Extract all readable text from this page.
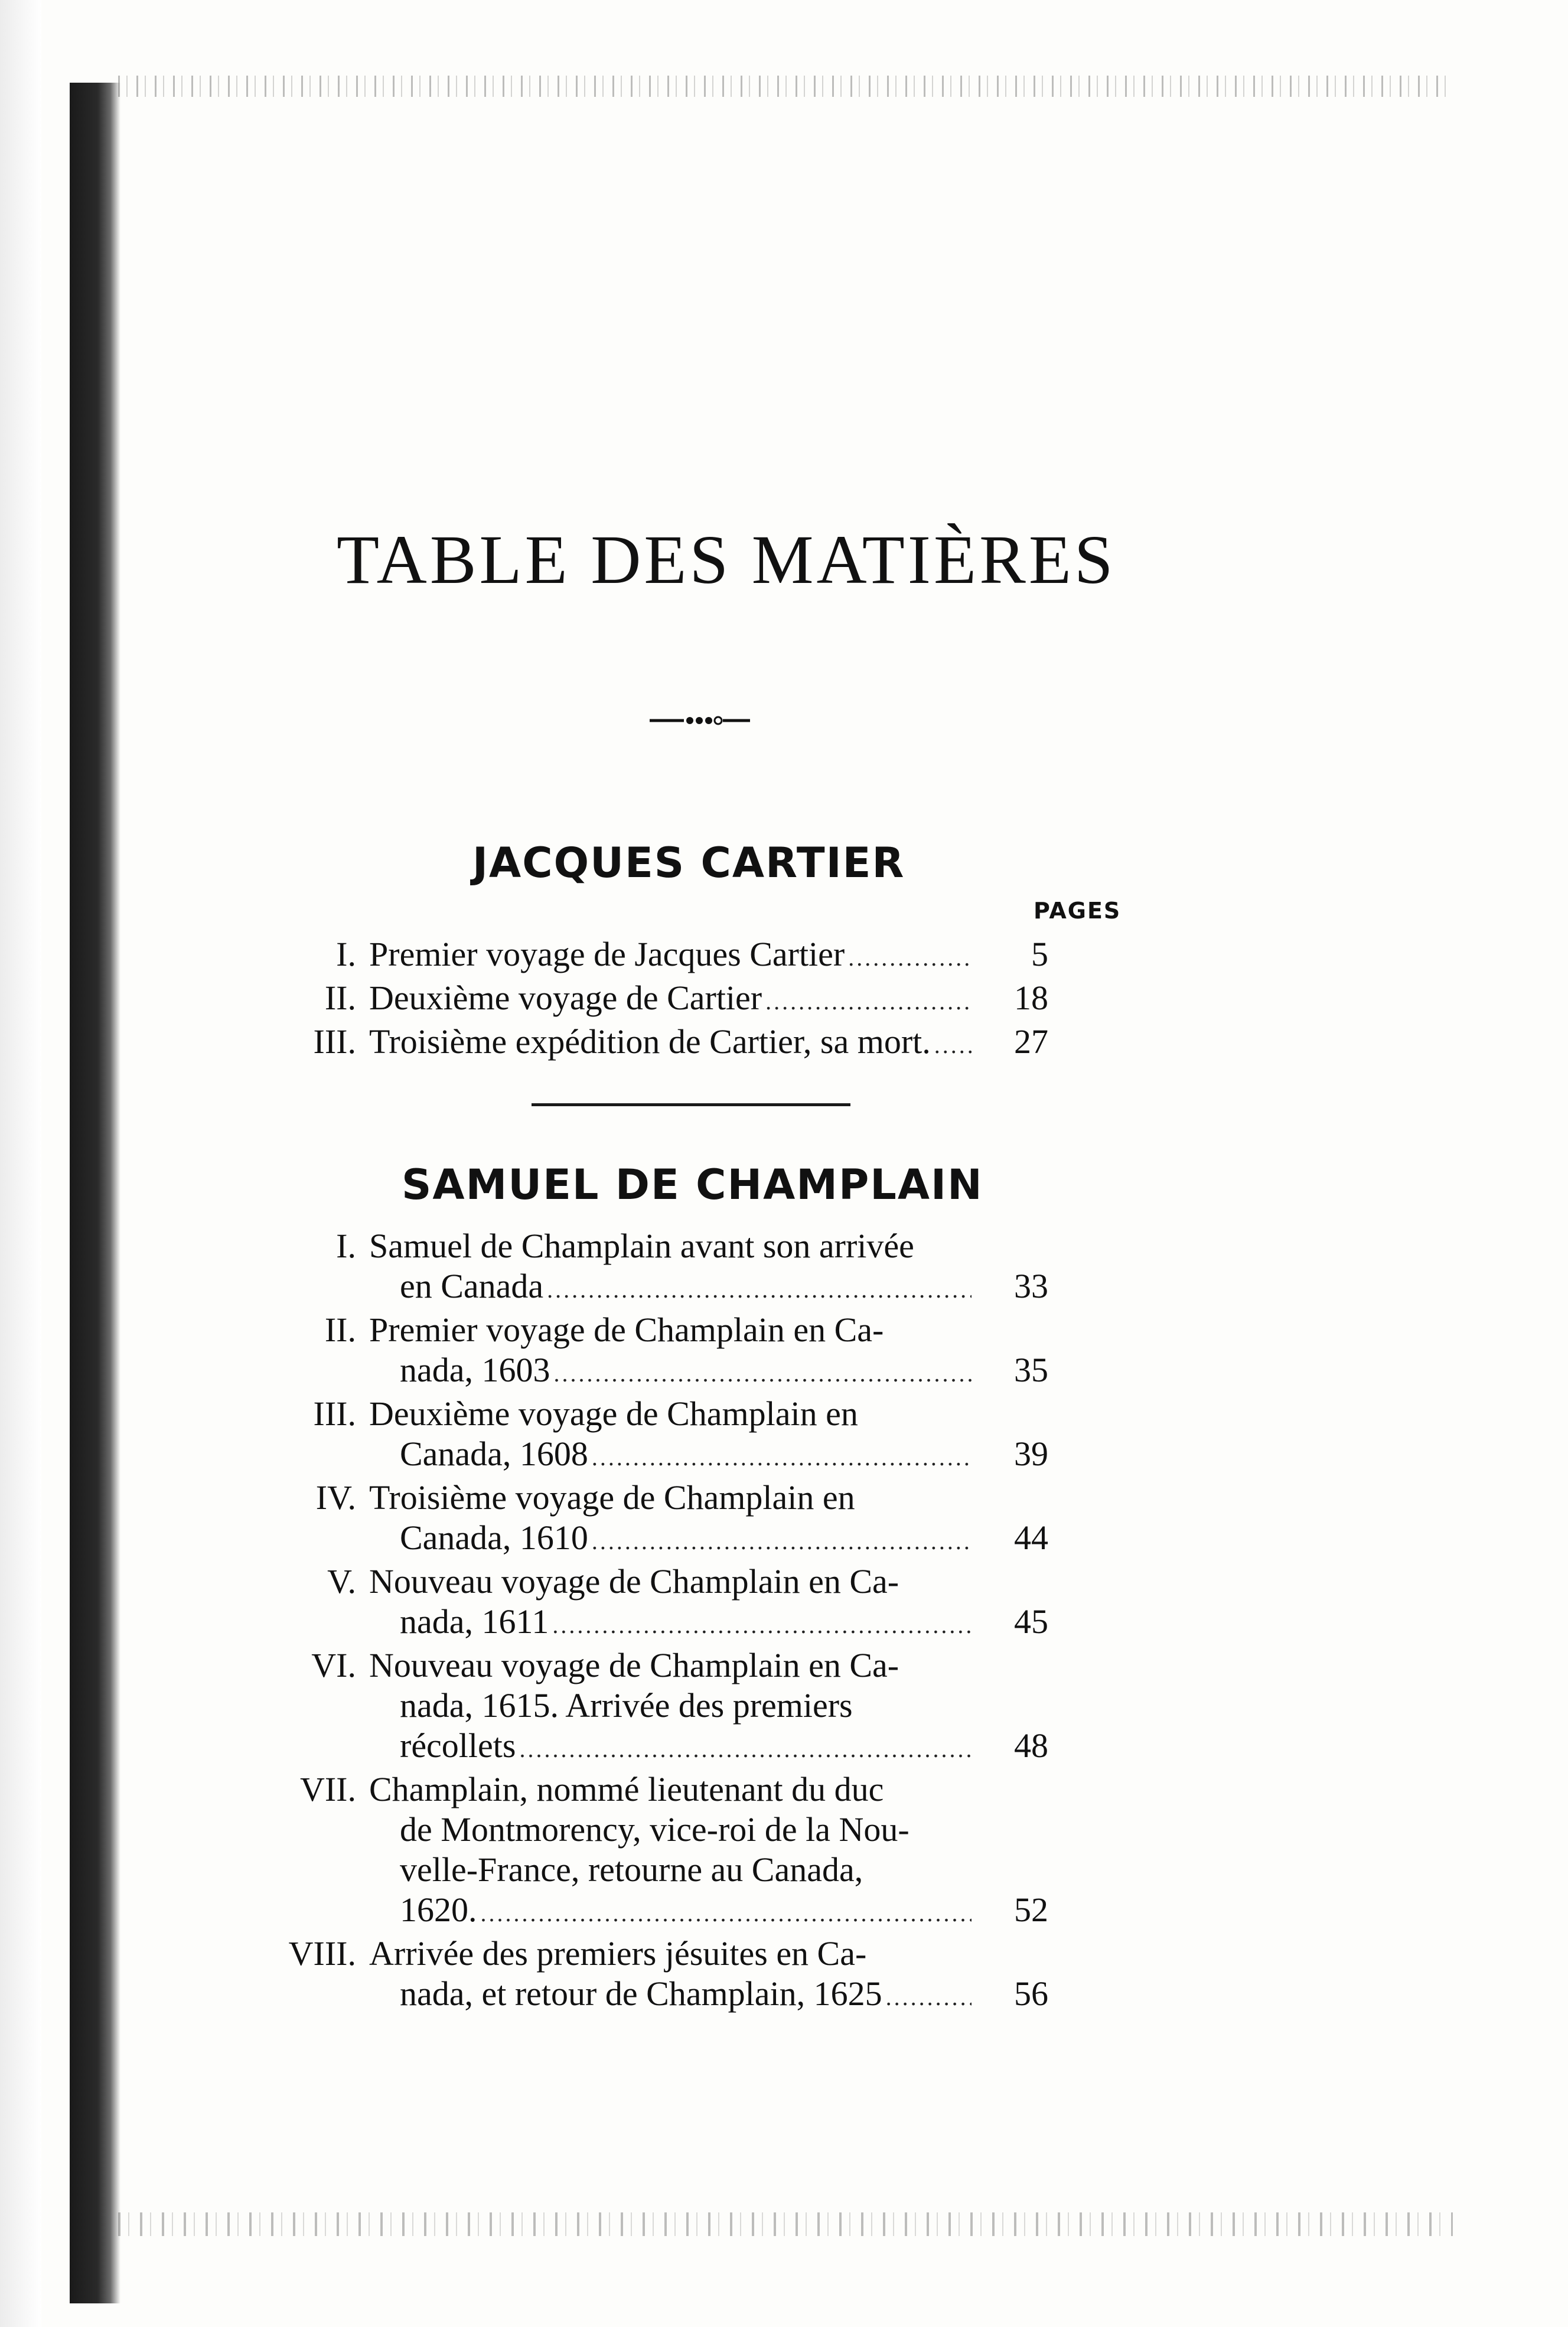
TABLE DES MATIÈRES
JACQUES CARTIER
PAGES
I. Premier voyage de Jacques Cartier .....	5
II. Deuxième voyage de Cartier .....	18
III. Troisième expédition de Cartier, sa mort. .....	27
SAMUEL DE CHAMPLAIN
I. Samuel de Champlain avant son arrivée
en Canada .....	33
II. Premier voyage de Champlain en Ca-
nada, 1603 .....	35
III. Deuxième voyage de Champlain en
Canada, 1608 .....	39
IV. Troisième voyage de Champlain en
Canada, 1610 .....	44
V. Nouveau voyage de Champlain en Ca-
nada, 1611 .....	45
VI. Nouveau voyage de Champlain en Ca-
nada, 1615. Arrivée des premiers
récollets .....	48
VII. Champlain, nommé lieutenant du duc
de Montmorency, vice-roi de la Nou-
velle-France, retourne au Canada,
1620. .....	52
VIII. Arrivée des premiers jésuites en Ca-
nada, et retour de Champlain, 1625 .....	56
